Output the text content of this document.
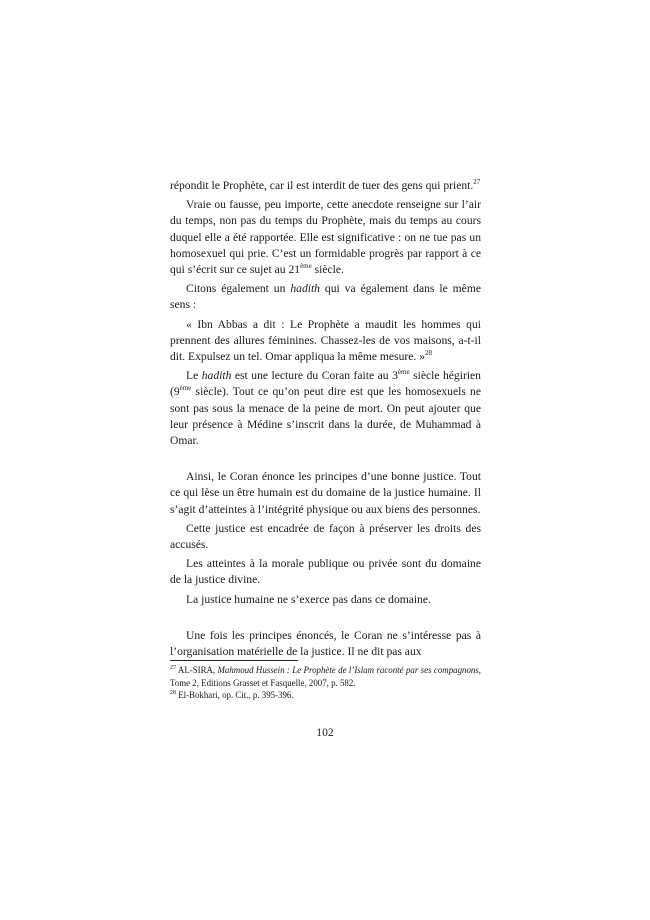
répondit le Prophète, car il est interdit de tuer des gens qui prient.$^{27}$

Vraie ou fausse, peu importe, cette anecdote renseigne sur l’air du temps, non pas du temps du Prophète, mais du temps au cours duquel elle a été rapportée. Elle est significative : on ne tue pas un homosexuel qui prie. C’est un formidable progrès par rapport à ce qui s’écrit sur ce sujet au 21ème siècle.

Citons également un hadith qui va également dans le même sens :

« Ibn Abbas a dit : Le Prophète a maudit les hommes qui prennent des allures féminines. Chassez-les de vos maisons, a-t-il dit. Expulsez un tel. Omar appliqua la même mesure. »$^{28}$

Le hadith est une lecture du Coran faite au 3ème siècle hégirien (9ème siècle). Tout ce qu’on peut dire est que les homosexuels ne sont pas sous la menace de la peine de mort. On peut ajouter que leur présence à Médine s’inscrit dans la durée, de Muhammad à Omar.

Ainsi, le Coran énonce les principes d’une bonne justice. Tout ce qui lèse un être humain est du domaine de la justice humaine. Il s’agit d’atteintes à l’intégrité physique ou aux biens des personnes.

Cette justice est encadrée de façon à préserver les droits des accusés.

Les atteintes à la morale publique ou privée sont du domaine de la justice divine.

La justice humaine ne s’exerce pas dans ce domaine.

Une fois les principes énoncés, le Coran ne s’intéresse pas à l’organisation matérielle de la justice. Il ne dit pas aux

$^{27}$ AL-SIRA, Mahmoud Hussein : Le Prophète de l’Islam raconté par ses compagnons, Tome 2, Editions Grasset et Fasquelle, 2007, p. 582.

$^{28}$ El-Bokhari, op. Cit., p. 395-396.

102
